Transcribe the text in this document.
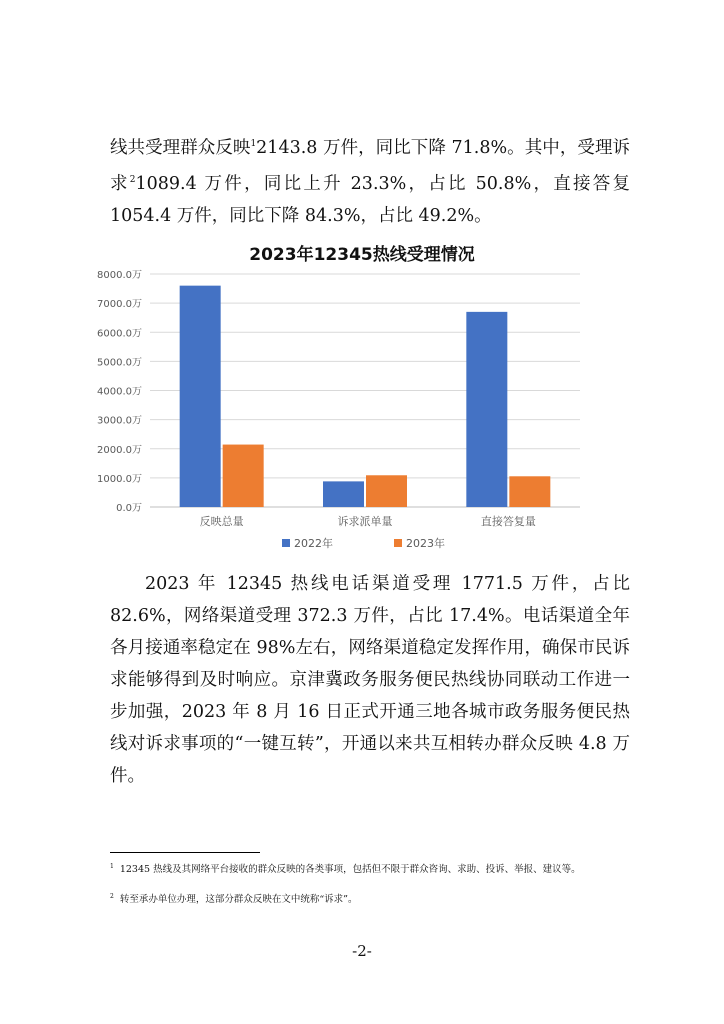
线共受理群众反映$^1$2143.8 万件，同比下降 71.8%。其中，受理诉求$^2$1089.4 万件，同比上升 23.3%，占比 50.8%，直接答复 1054.4 万件，同比下降 84.3%，占比 49.2%。

2023年12345热线受理情况
0.0万
1000.0万
2000.0万
3000.0万
4000.0万
5000.0万
6000.0万
7000.0万
8000.0万
反映总量	诉求派单量	直接答复量
2022年	2023年

2023 年 12345 热线电话渠道受理 1771.5 万件，占比 82.6%，网络渠道受理 372.3 万件，占比 17.4%。电话渠道全年各月接通率稳定在 98%左右，网络渠道稳定发挥作用，确保市民诉求能够得到及时响应。京津冀政务服务便民热线协同联动工作进一步加强，2023 年 8 月 16 日正式开通三地各城市政务服务便民热线对诉求事项的“一键互转”，开通以来共互相转办群众反映 4.8 万件。

$^1$ 12345 热线及其网络平台接收的群众反映的各类事项，包括但不限于群众咨询、求助、投诉、举报、建议等。

$^2$ 转至承办单位办理，这部分群众反映在文中统称“诉求”。

-2-
